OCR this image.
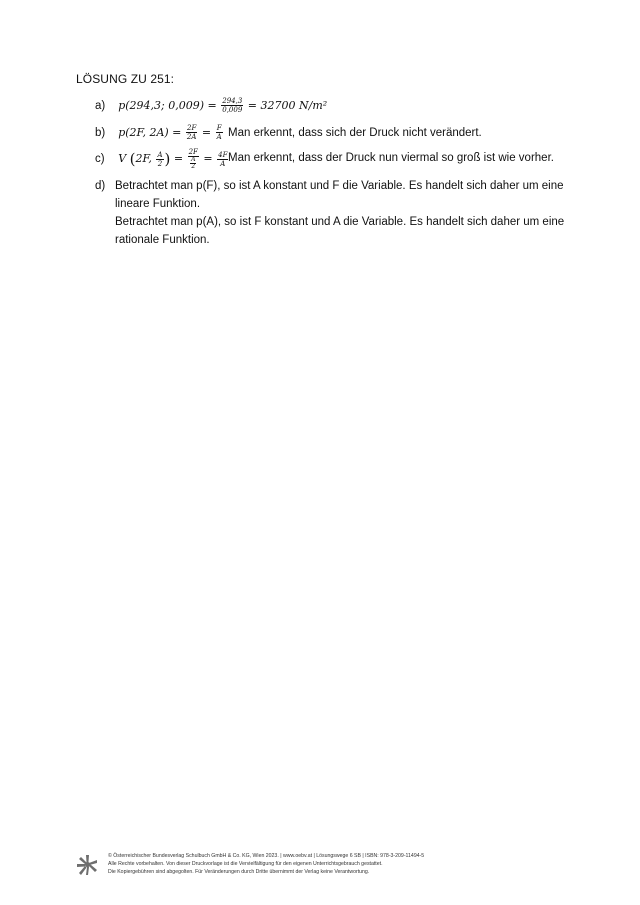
LÖSUNG ZU 251:
a) p(294,3; $0,009) = \frac{294,3}{0,009} = 32700$ N/m²
b) p(2F, $2A) = \frac{2F}{2A} = \frac{F}{A}$ Man erkennt, dass sich der Druck nicht verändert.
c) V (2F, $\frac{A}{2}$ ) = $\frac{2F}{\frac{A}{2}} = \frac{4F}{A}$ Man erkennt, dass der Druck nun viermal so groß ist wie vorher.
d) Betrachtet man p(F), so ist A konstant und F die Variable. Es handelt sich daher um eine lineare Funktion.
Betrachtet man p(A), so ist F konstant und A die Variable. Es handelt sich daher um eine rationale Funktion.
© Österreichischer Bundesverlag Schulbuch GmbH & Co. KG, Wien 2023. | www.oebv.at | Lösungswege 6 SB | ISBN: 978-3-209-11494-5
Alle Rechte vorbehalten. Von dieser Druckvorlage ist die Vervielfältigung für den eigenen Unterrichtsgebrauch gestattet.
Die Kopiergebühren sind abgegolten. Für Veränderungen durch Dritte übernimmt der Verlag keine Verantwortung.
